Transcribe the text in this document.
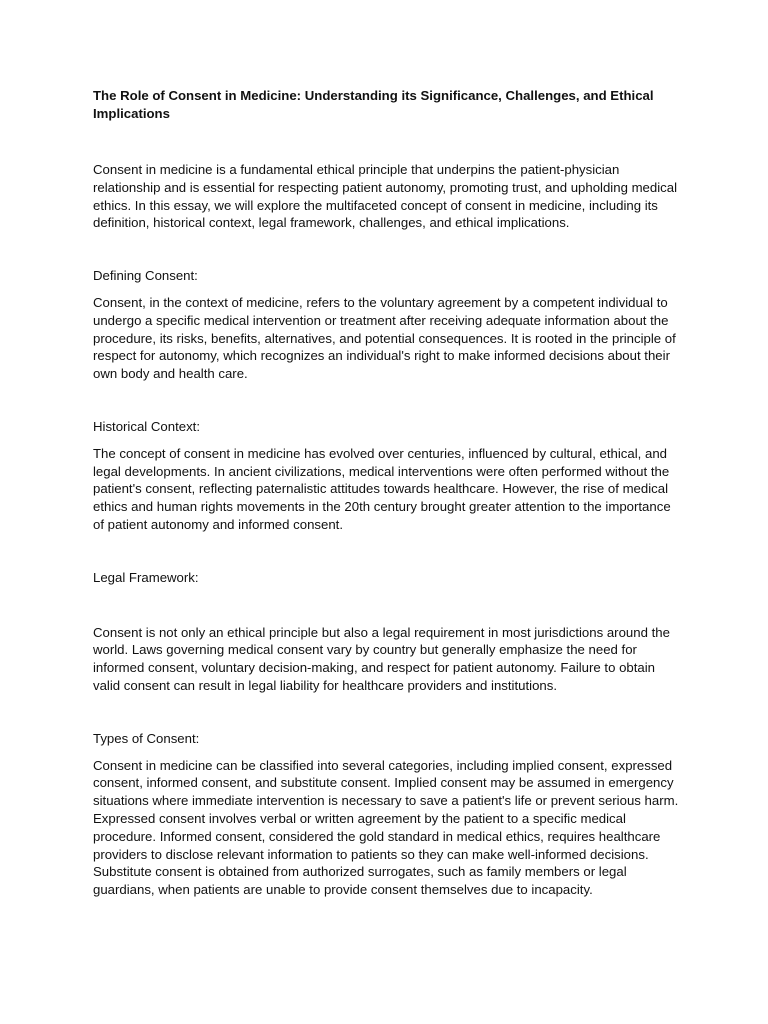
The Role of Consent in Medicine: Understanding its Significance, Challenges, and Ethical Implications

Consent in medicine is a fundamental ethical principle that underpins the patient-physician relationship and is essential for respecting patient autonomy, promoting trust, and upholding medical ethics. In this essay, we will explore the multifaceted concept of consent in medicine, including its definition, historical context, legal framework, challenges, and ethical implications.

Defining Consent:

Consent, in the context of medicine, refers to the voluntary agreement by a competent individual to undergo a specific medical intervention or treatment after receiving adequate information about the procedure, its risks, benefits, alternatives, and potential consequences. It is rooted in the principle of respect for autonomy, which recognizes an individual's right to make informed decisions about their own body and health care.

Historical Context:

The concept of consent in medicine has evolved over centuries, influenced by cultural, ethical, and legal developments. In ancient civilizations, medical interventions were often performed without the patient's consent, reflecting paternalistic attitudes towards healthcare. However, the rise of medical ethics and human rights movements in the 20th century brought greater attention to the importance of patient autonomy and informed consent.

Legal Framework:

Consent is not only an ethical principle but also a legal requirement in most jurisdictions around the world. Laws governing medical consent vary by country but generally emphasize the need for informed consent, voluntary decision-making, and respect for patient autonomy. Failure to obtain valid consent can result in legal liability for healthcare providers and institutions.

Types of Consent:

Consent in medicine can be classified into several categories, including implied consent, expressed consent, informed consent, and substitute consent. Implied consent may be assumed in emergency situations where immediate intervention is necessary to save a patient's life or prevent serious harm. Expressed consent involves verbal or written agreement by the patient to a specific medical procedure. Informed consent, considered the gold standard in medical ethics, requires healthcare providers to disclose relevant information to patients so they can make well-informed decisions. Substitute consent is obtained from authorized surrogates, such as family members or legal guardians, when patients are unable to provide consent themselves due to incapacity.
